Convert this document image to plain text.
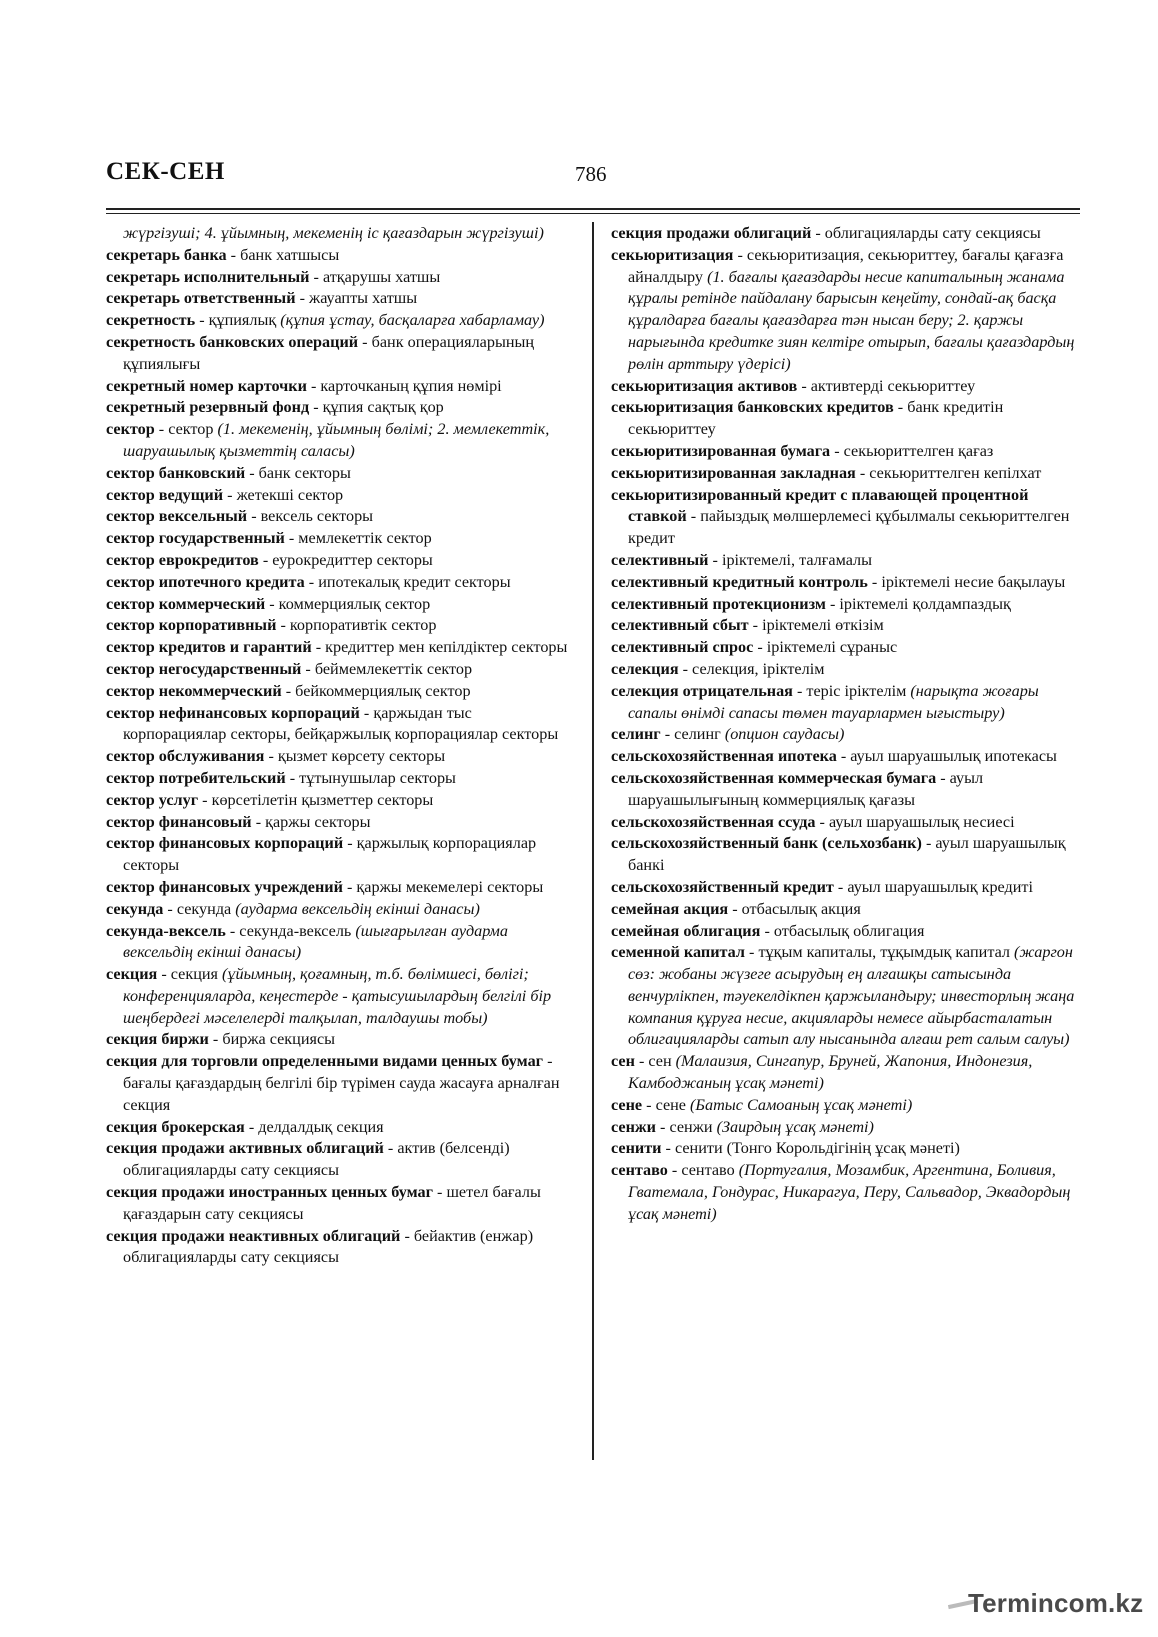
СЕК-СЕН	786

жүргізуші; 4. ұйымның, мекеменің іс қағаздарын жүргізуші)

секретарь банка - банк хатшысы

секретарь исполнительный - атқарушы хатшы

секретарь ответственный - жауапты хатшы

секретность - құпиялық (құпия ұстау, басқаларға хабарламау)

секретность банковских операций - банк операцияларының құпиялығы

секретный номер карточки - карточканың құпия нөмірі

секретный резервный фонд - құпия сақтық қор

сектор - сектор (1. мекеменің, ұйымның бөлімі; 2. мемлекеттік, шаруашылық қызметтің саласы)

сектор банковский - банк секторы

сектор ведущий - жетекші сектор

сектор вексельный - вексель секторы

сектор государственный - мемлекеттік сектор

сектор еврокредитов - еурокредиттер секторы

сектор ипотечного кредита - ипотекалық кредит секторы

сектор коммерческий - коммерциялық сектор

сектор корпоративный - корпоративтік сектор

сектор кредитов и гарантий - кредиттер мен кепілдіктер секторы

сектор негосударственный - беймемлекеттік сектор

сектор некоммерческий - бейкоммерциялық сектор

сектор нефинансовых корпораций - қаржыдан тыс корпорациялар секторы, бейқаржылық корпорациялар секторы

сектор обслуживания - қызмет көрсету секторы

сектор потребительский - тұтынушылар секторы

сектор услуг - көрсетілетін қызметтер секторы

сектор финансовый - қаржы секторы

сектор финансовых корпораций - қаржылық корпорациялар секторы

сектор финансовых учреждений - қаржы мекемелері секторы

секунда - секунда (аударма вексельдің екінші данасы)

секунда-вексель - секунда-вексель (шығарылған аударма вексельдің екінші данасы)

секция - секция (ұйымның, қоғамның, т.б. бөлімшесі, бөлігі; конференцияларда, кеңестерде - қатысушылардың белгілі бір шеңбердегі мәселелерді талқылап, талдаушы тобы)

секция биржи - биржа секциясы

секция для торговли определенными видами ценных бумаг - бағалы қағаздардың белгілі бір түрімен сауда жасауға арналған секция

секция брокерская - делдалдық секция

секция продажи активных облигаций - актив (белсенді) облигацияларды сату секциясы

секция продажи иностранных ценных бумаг - шетел бағалы қағаздарын сату секциясы

секция продажи неактивных облигаций - бейактив (енжар) облигацияларды сату секциясы

секция продажи облигаций - облигацияларды сату секциясы

секьюритизация - секьюритизация, секьюриттеу, бағалы қағазға айналдыру (1. бағалы қағаздарды несие капиталының жанама құралы ретінде пайдалану барысын кеңейту, сондай-ақ басқа құралдарға бағалы қағаздарға тән нысан беру; 2. қаржы нарығында кредитке зиян келтіре отырып, бағалы қағаздардың рөлін арттыру үдерісі)

секьюритизация активов - активтерді секьюриттеу

секьюритизация банковских кредитов - банк кредитін секьюриттеу

секьюритизированная бумага - секьюриттелген қағаз

секьюритизированная закладная - секьюриттелген кепілхат

секьюритизированный кредит с плавающей процентной ставкой - пайыздық мөлшерлемесі құбылмалы секьюриттелген кредит

селективный - іріктемелі, талғамалы

селективный кредитный контроль - іріктемелі несие бақылауы

селективный протекционизм - іріктемелі қолдампаздық

селективный сбыт - іріктемелі өткізім

селективный спрос - іріктемелі сұраныс

селекция - селекция, іріктелім

селекция отрицательная - теріс іріктелім (нарықта жоғары сапалы өнімді сапасы төмен тауарлармен ығыстыру)

селинг - селинг (опцион саудасы)

сельскохозяйственная ипотека - ауыл шаруашылық ипотекасы

сельскохозяйственная коммерческая бумага - ауыл шаруашылығының коммерциялық қағазы

сельскохозяйственная ссуда - ауыл шаруашылық несиесі

сельскохозяйственный банк (сельхозбанк) - ауыл шаруашылық банкі

сельскохозяйственный кредит - ауыл шаруашылық кредиті

семейная акция - отбасылық акция

семейная облигация - отбасылық облигация

семенной капитал - тұқым капиталы, тұқымдық капитал (жаргон сөз: жобаны жүзеге асырудың ең алғашқы сатысында венчурлікпен, тәуекелдікпен қаржыландыру; инвесторлың жаңа компания құруға несие, акцияларды немесе айырбасталатын облигацияларды сатып алу нысанында алғаш рет салым салуы)

сен - сен (Малаизия, Сингапур, Бруней, Жапония, Индонезия, Камбоджаның ұсақ мәнеті)

сене - сене (Батыс Самоаның ұсақ мәнеті)

сенжи - сенжи (Заирдың ұсақ мәнеті)

сенити - сенити (Тонго Корольдігінің ұсақ мәнеті)

сентаво - сентаво (Португалия, Мозамбик, Аргентина, Боливия, Гватемала, Гондурас, Никарагуа, Перу, Сальвадор, Эквадордың ұсақ мәнеті)

Termincom.kz
